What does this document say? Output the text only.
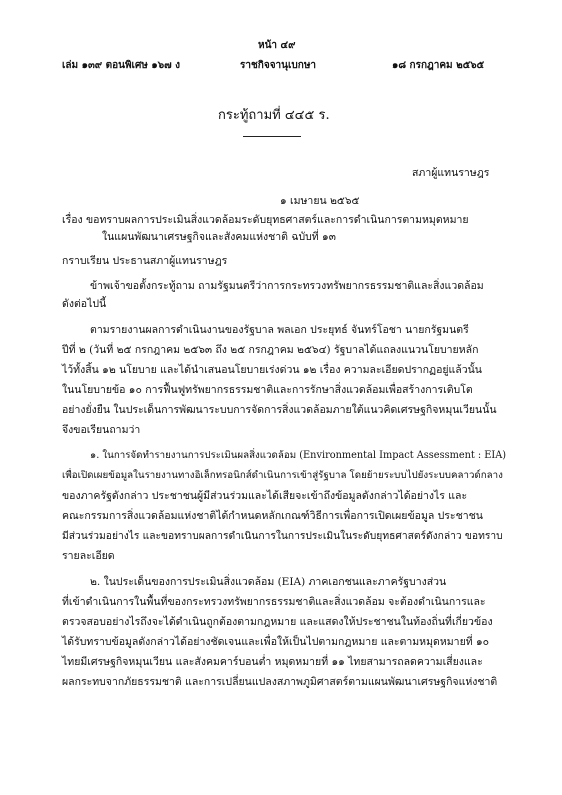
หน้า ๔๙
เล่ม ๑๓๙ ตอนพิเศษ ๑๖๗ ง	ราชกิจจานุเบกษา	๑๘ กรกฎาคม ๒๕๖๕
กระทู้ถามที่ ๔๔๕ ร.
สภาผู้แทนราษฎร
๑ เมษายน ๒๕๖๕
เรื่อง ขอทราบผลการประเมินสิ่งแวดล้อมระดับยุทธศาสตร์และการดำเนินการตามหมุดหมาย
ในแผนพัฒนาเศรษฐกิจและสังคมแห่งชาติ ฉบับที่ ๑๓
กราบเรียน ประธานสภาผู้แทนราษฎร
ข้าพเจ้าขอตั้งกระทู้ถาม ถามรัฐมนตรีว่าการกระทรวงทรัพยากรธรรมชาติและสิ่งแวดล้อม
ดังต่อไปนี้
ตามรายงานผลการดำเนินงานของรัฐบาล พลเอก ประยุทธ์ จันทร์โอชา นายกรัฐมนตรี
ปีที่ ๒ (วันที่ ๒๕ กรกฎาคม ๒๕๖๓ ถึง ๒๕ กรกฎาคม ๒๕๖๔) รัฐบาลได้แถลงแนวนโยบายหลัก
ไว้ทั้งสิ้น ๑๒ นโยบาย และได้นำเสนอนโยบายเร่งด่วน ๑๒ เรื่อง ความละเอียดปรากฏอยู่แล้วนั้น
ในนโยบายข้อ ๑๐ การฟื้นฟูทรัพยากรธรรมชาติและการรักษาสิ่งแวดล้อมเพื่อสร้างการเติบโต
อย่างยั่งยืน ในประเด็นการพัฒนาระบบการจัดการสิ่งแวดล้อมภายใต้แนวคิดเศรษฐกิจหมุนเวียนนั้น
จึงขอเรียนถามว่า
๑. ในการจัดทำรายงานการประเมินผลสิ่งแวดล้อม (Environmental Impact Assessment : EIA)
เพื่อเปิดเผยข้อมูลในรายงานทางอิเล็กทรอนิกส์ดำเนินการเข้าสู่รัฐบาล โดยย้ายระบบไปยังระบบคลาวด์กลาง
ของภาครัฐดังกล่าว ประชาชนผู้มีส่วนร่วมและได้เสียจะเข้าถึงข้อมูลดังกล่าวได้อย่างไร และ
คณะกรรมการสิ่งแวดล้อมแห่งชาติได้กำหนดหลักเกณฑ์วิธีการเพื่อการเปิดเผยข้อมูล ประชาชน
มีส่วนร่วมอย่างไร และขอทราบผลการดำเนินการในการประเมินในระดับยุทธศาสตร์ดังกล่าว ขอทราบ
รายละเอียด
๒. ในประเด็นของการประเมินสิ่งแวดล้อม (EIA) ภาคเอกชนและภาครัฐบางส่วน
ที่เข้าดำเนินการในพื้นที่ของกระทรวงทรัพยากรธรรมชาติและสิ่งแวดล้อม จะต้องดำเนินการและ
ตรวจสอบอย่างไรถึงจะได้ดำเนินถูกต้องตามกฎหมาย และแสดงให้ประชาชนในท้องถิ่นที่เกี่ยวข้อง
ได้รับทราบข้อมูลดังกล่าวได้อย่างชัดเจนและเพื่อให้เป็นไปตามกฎหมาย และตามหมุดหมายที่ ๑๐
ไทยมีเศรษฐกิจหมุนเวียน และสังคมคาร์บอนต่ำ หมุดหมายที่ ๑๑ ไทยสามารถลดความเสี่ยงและ
ผลกระทบจากภัยธรรมชาติ และการเปลี่ยนแปลงสภาพภูมิศาสตร์ตามแผนพัฒนาเศรษฐกิจแห่งชาติ
